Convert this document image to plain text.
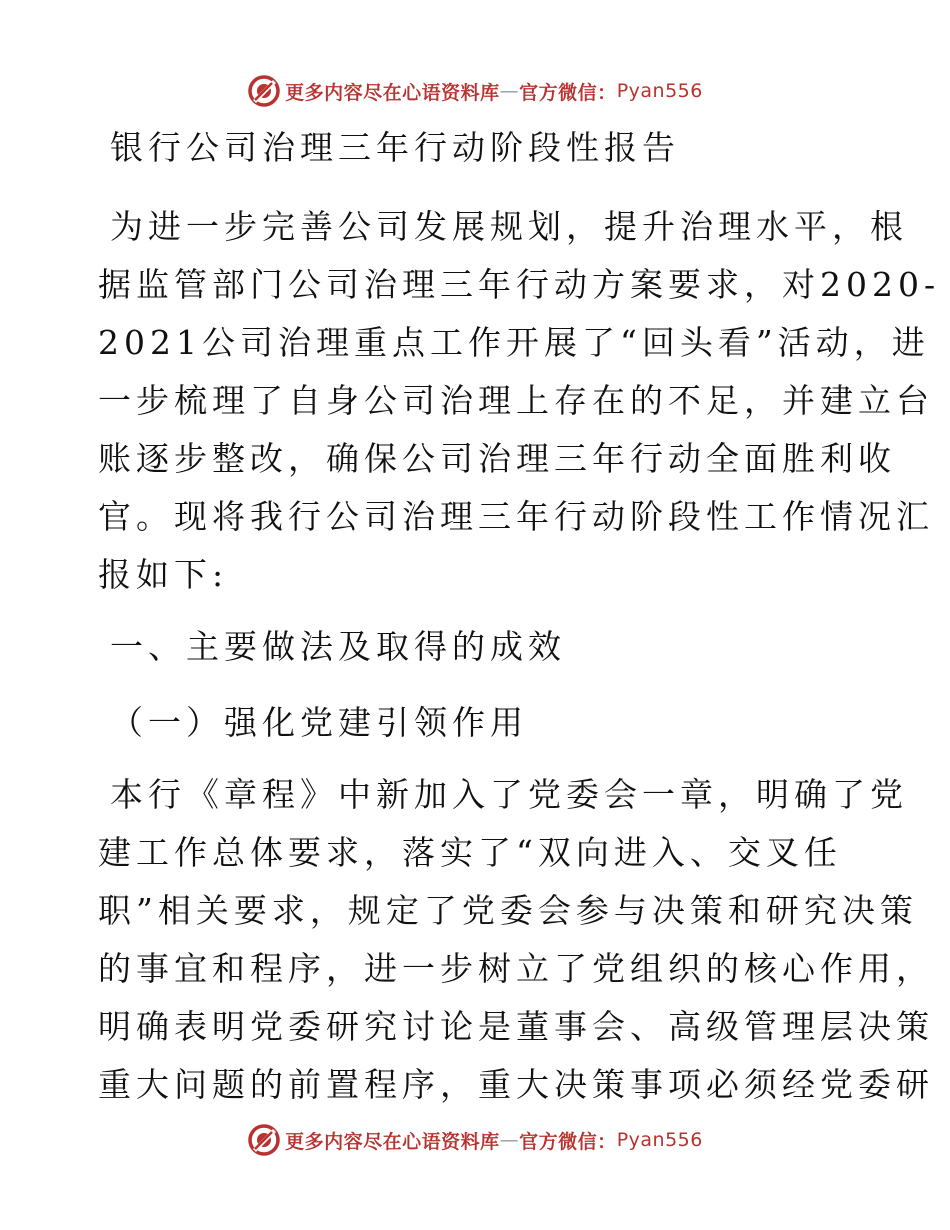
更多内容尽在心语资料库 — 官方微信： Pyan556
银行公司治理三年行动阶段性报告
为进一步完善公司发展规划，提升治理水平，根
据监管部门公司治理三年行动方案要求，对2020-
2021公司治理重点工作开展了“回头看”活动，进
一步梳理了自身公司治理上存在的不足，并建立台
账逐步整改，确保公司治理三年行动全面胜利收
官。现将我行公司治理三年行动阶段性工作情况汇
报如下:
一、主要做法及取得的成效
（一）强化党建引领作用
本行《章程》中新加入了党委会一章，明确了党
建工作总体要求，落实了“双向进入、交叉任
职”相关要求，规定了党委会参与决策和研究决策
的事宜和程序，进一步树立了党组织的核心作用，
明确表明党委研究讨论是董事会、高级管理层决策
重大问题的前置程序，重大决策事项必须经党委研
更多内容尽在心语资料库 — 官方微信： Pyan556
